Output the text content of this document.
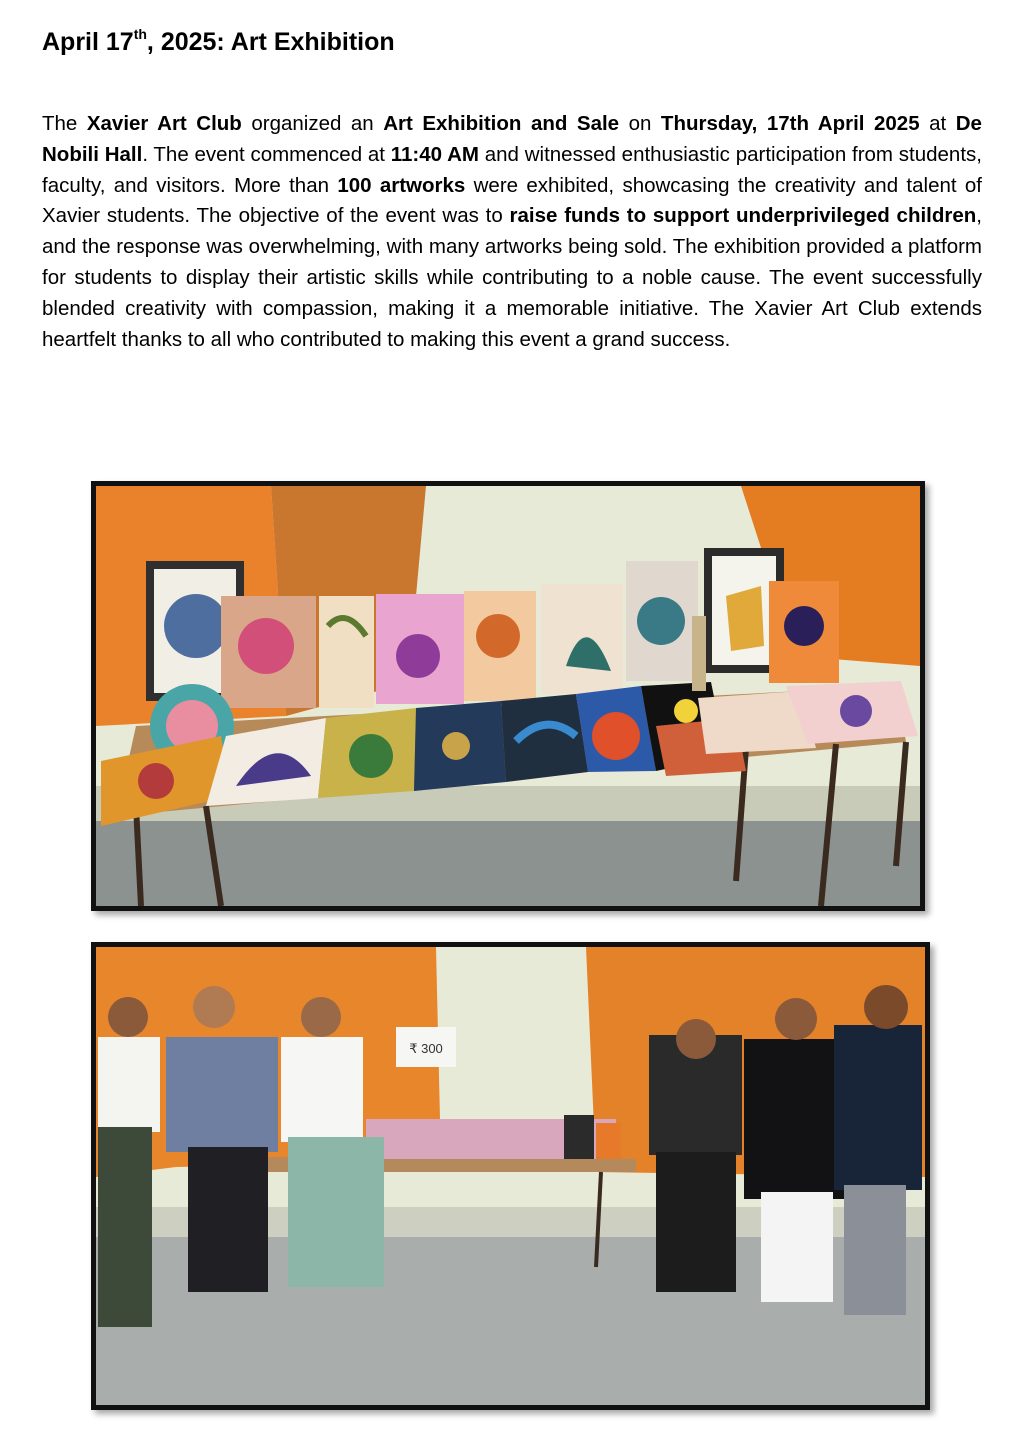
April 17th, 2025: Art Exhibition

The Xavier Art Club organized an Art Exhibition and Sale on Thursday, 17th April 2025 at De Nobili Hall. The event commenced at 11:40 AM and witnessed enthusiastic participation from students, faculty, and visitors. More than 100 artworks were exhibited, showcasing the creativity and talent of Xavier students. The objective of the event was to raise funds to support underprivileged children, and the response was overwhelming, with many artworks being sold. The exhibition provided a platform for students to display their artistic skills while contributing to a noble cause. The event successfully blended creativity with compassion, making it a memorable initiative. The Xavier Art Club extends heartfelt thanks to all who contributed to making this event a grand success.

₹ 300
